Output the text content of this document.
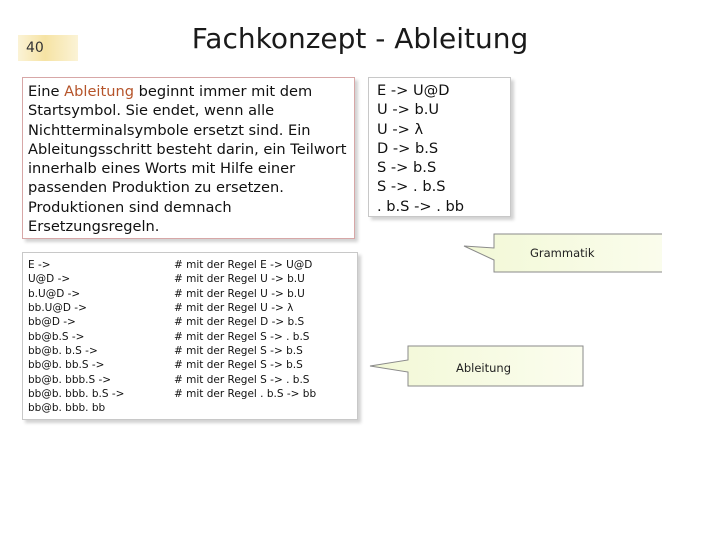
40	Fachkonzept - Ableitung
Eine Ableitung beginnt immer mit dem Startsymbol. Sie endet, wenn alle Nichtterminalsymbole ersetzt sind. Ein Ableitungsschritt besteht darin, ein Teilwort innerhalb eines Worts mit Hilfe einer passenden Produktion zu ersetzen. Produktionen sind demnach Ersetzungsregeln.
E -> U@D
U -> b.U
U -> λ
D -> b.S
S -> b.S
S -> . b.S
. b.S -> . bb
E ->
U@D ->
b.U@D ->
bb.U@D ->
bb@D ->
bb@b.S ->
bb@b. b.S ->
bb@b. bb.S ->
bb@b. bbb.S ->
bb@b. bbb. b.S ->
bb@b. bbb. bb
# mit der Regel E -> U@D
# mit der Regel U -> b.U
# mit der Regel U -> b.U
# mit der Regel U -> λ
# mit der Regel D -> b.S
# mit der Regel S -> . b.S
# mit der Regel S -> b.S
# mit der Regel S -> b.S
# mit der Regel S -> . b.S
# mit der Regel . b.S -> bb
Grammatik
Ableitung
